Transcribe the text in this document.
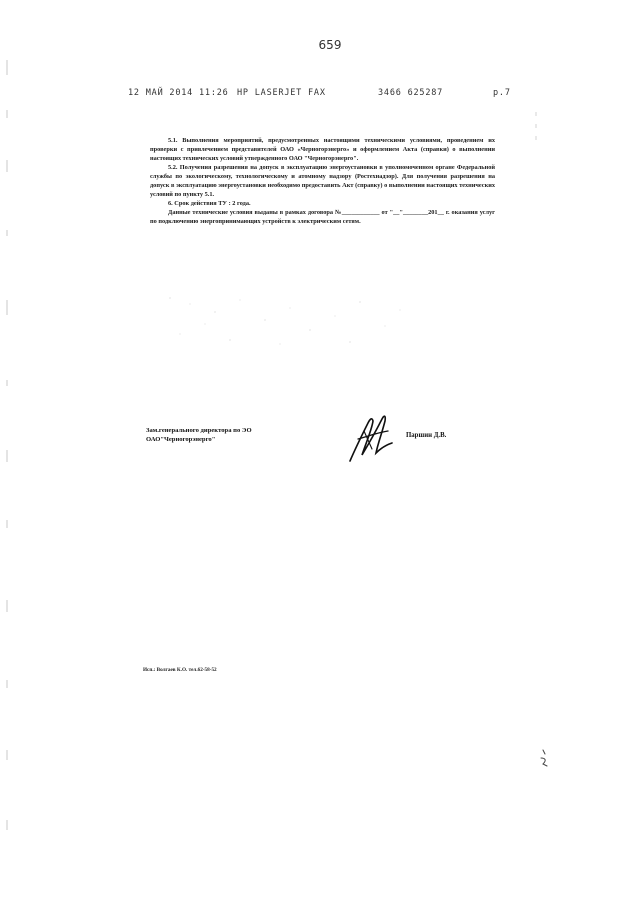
659
12 МАЙ 2014 11:26 HP LASERJET FAX	3466 625287	р.7

5.1. Выполнения мероприятий, предусмотренных настоящими техническими условиями, проведением их проверки с привлечением представителей ОАО «Черногорэнерго» и оформлением Акта (справки) о выполнении настоящих технических условий утвержденного ОАО "Черногорэнерго".

5.2. Получения разрешения на допуск в эксплуатацию энергоустановки в уполномоченном органе Федеральной службы по экологическому, технологическому и атомному надзору (Ростехнадзор). Для получения разрешения на допуск в эксплуатацию энергоустановки необходимо предоставить Акт (справку) о выполнении настоящих технических условий по пункту 5.1.

6. Срок действия ТУ : 2 года.

Данные технические условия выданы в рамках договора №____________ от "__"________201__ г. оказания услуг по подключению энергопринимающих устройств к электрическим сетям.

Зам.генерального директора по ЭО
ОАО"Черногорэнерго"
Паршин Д.В.
Исп.: Волгаев К.О. тел.62-58-52
